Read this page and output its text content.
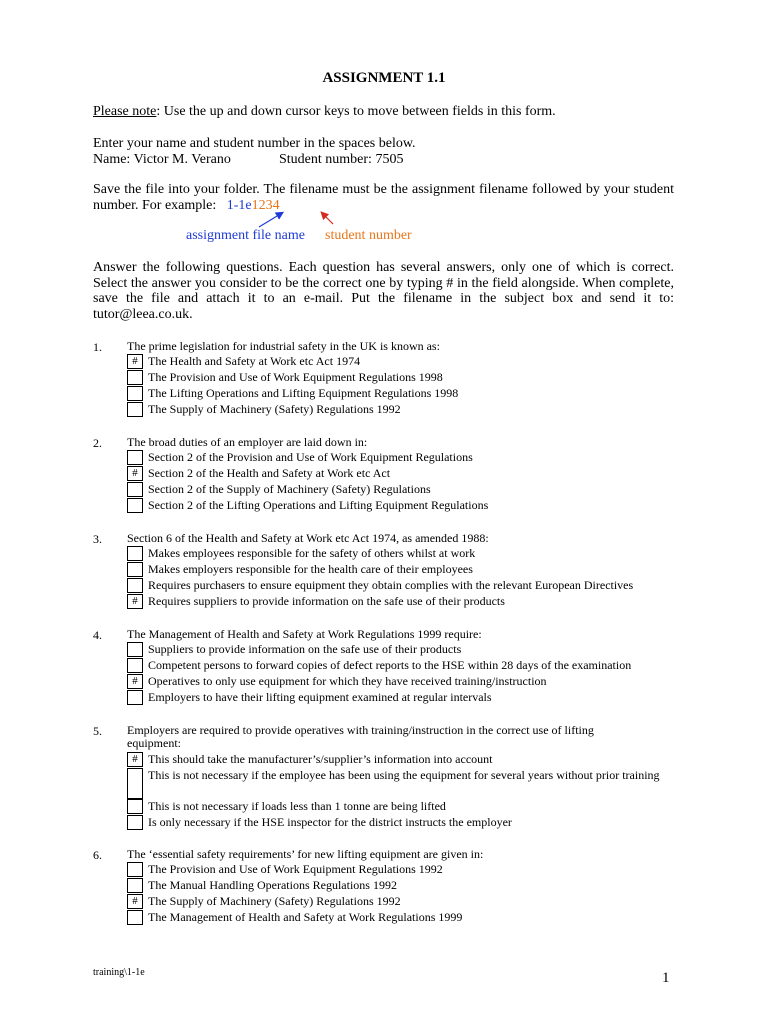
ASSIGNMENT 1.1
Please note: Use the up and down cursor keys to move between fields in this form.
Enter your name and student number in the spaces below.
Name: Victor M. Verano	Student number: 7505
Save the file into your folder. The filename must be the assignment filename followed by your student number. For example: 1-1e1234
assignment file name student number
Answer the following questions. Each question has several answers, only one of which is correct. Select the answer you consider to be the correct one by typing # in the field alongside. When complete, save the file and attach it to an e-mail. Put the filename in the subject box and send it to: tutor@leea.co.uk.
1.	The prime legislation for industrial safety in the UK is known as:
# The Health and Safety at Work etc Act 1974
The Provision and Use of Work Equipment Regulations 1998
The Lifting Operations and Lifting Equipment Regulations 1998
The Supply of Machinery (Safety) Regulations 1992
2.	The broad duties of an employer are laid down in:
Section 2 of the Provision and Use of Work Equipment Regulations
# Section 2 of the Health and Safety at Work etc Act
Section 2 of the Supply of Machinery (Safety) Regulations
Section 2 of the Lifting Operations and Lifting Equipment Regulations
3.	Section 6 of the Health and Safety at Work etc Act 1974, as amended 1988:
Makes employees responsible for the safety of others whilst at work
Makes employers responsible for the health care of their employees
Requires purchasers to ensure equipment they obtain complies with the relevant European Directives
# Requires suppliers to provide information on the safe use of their products
4.	The Management of Health and Safety at Work Regulations 1999 require:
Suppliers to provide information on the safe use of their products
Competent persons to forward copies of defect reports to the HSE within 28 days of the examination
# Operatives to only use equipment for which they have received training/instruction
Employers to have their lifting equipment examined at regular intervals
5.	Employers are required to provide operatives with training/instruction in the correct use of lifting equipment:
# This should take the manufacturer’s/supplier’s information into account
This is not necessary if the employee has been using the equipment for several years without prior training
This is not necessary if loads less than 1 tonne are being lifted
Is only necessary if the HSE inspector for the district instructs the employer
6.	The ‘essential safety requirements’ for new lifting equipment are given in:
The Provision and Use of Work Equipment Regulations 1992
The Manual Handling Operations Regulations 1992
# The Supply of Machinery (Safety) Regulations 1992
The Management of Health and Safety at Work Regulations 1999
training\1-1e	1
